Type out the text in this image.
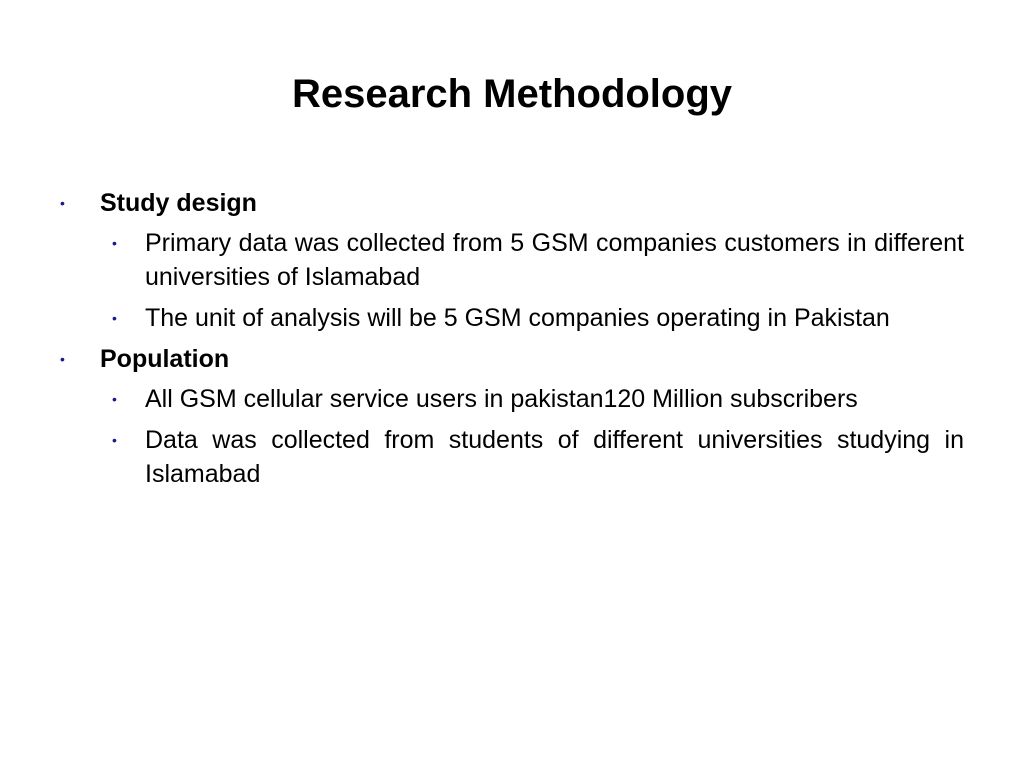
Research Methodology
• Study design
• Primary data was collected from 5 GSM companies customers in different universities of Islamabad
• The unit of analysis will be 5 GSM companies operating in Pakistan
• Population
• All GSM cellular service users in pakistan120 Million subscribers
• Data was collected from students of different universities studying in Islamabad
